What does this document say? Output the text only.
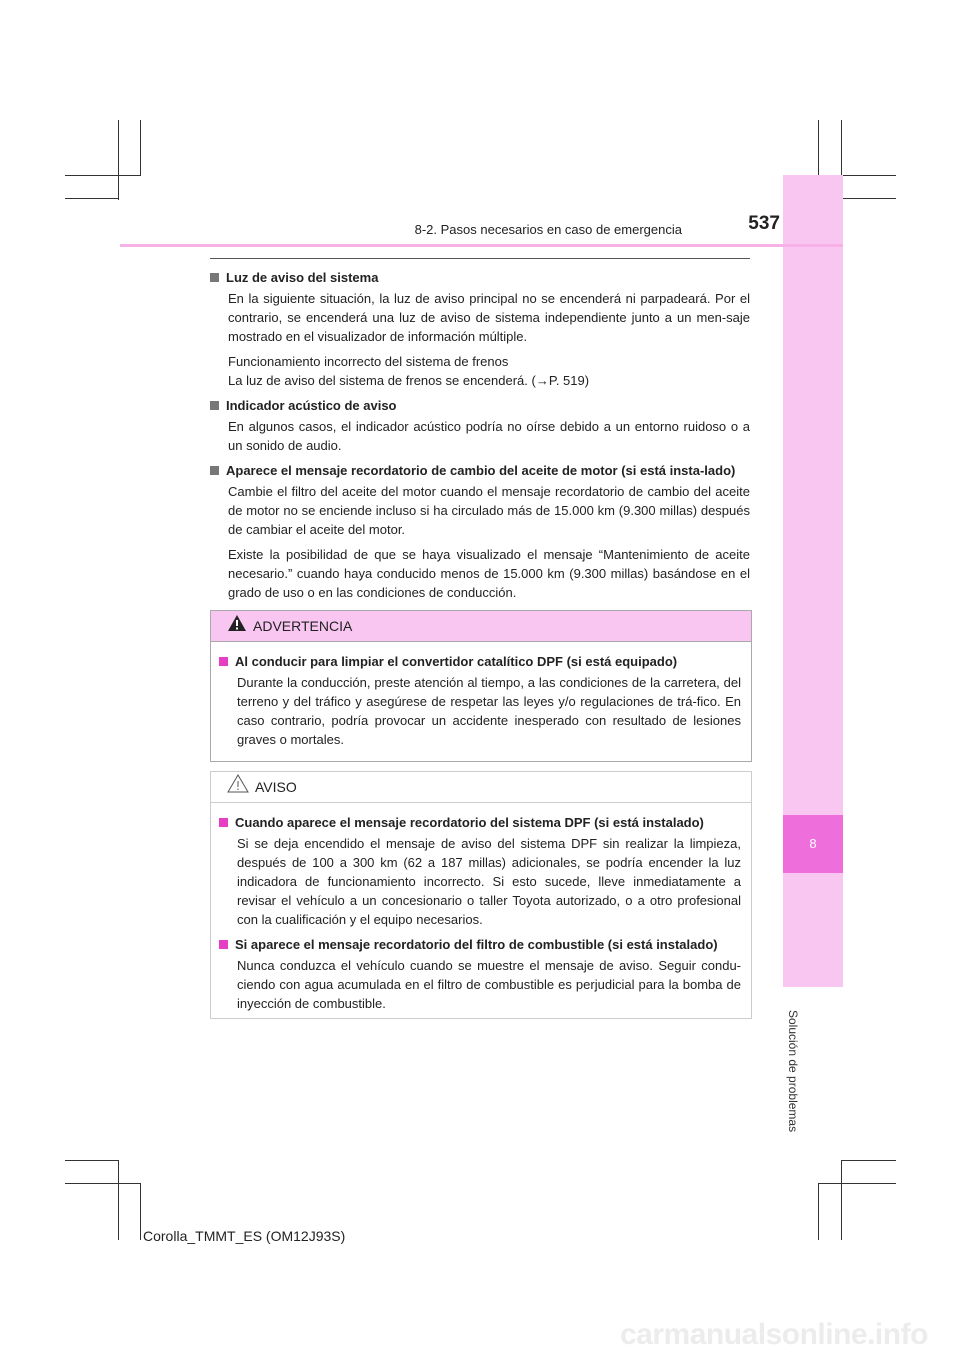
8
Solución de problemas
8-2. Pasos necesarios en caso de emergencia	537

Luz de aviso del sistema

En la siguiente situación, la luz de aviso principal no se encenderá ni parpadeará. Por el contrario, se encenderá una luz de aviso de sistema independiente junto a un men-saje mostrado en el visualizador de información múltiple.

Funcionamiento incorrecto del sistema de frenos

La luz de aviso del sistema de frenos se encenderá. (→P. 519)

Indicador acústico de aviso

En algunos casos, el indicador acústico podría no oírse debido a un entorno ruidoso o a un sonido de audio.

Aparece el mensaje recordatorio de cambio del aceite de motor (si está insta-lado)

Cambie el filtro del aceite del motor cuando el mensaje recordatorio de cambio del aceite de motor no se enciende incluso si ha circulado más de 15.000 km (9.300 millas) después de cambiar el aceite del motor.

Existe la posibilidad de que se haya visualizado el mensaje “Mantenimiento de aceite necesario.” cuando haya conducido menos de 15.000 km (9.300 millas) basándose en el grado de uso o en las condiciones de conducción.

ADVERTENCIA

Al conducir para limpiar el convertidor catalítico DPF (si está equipado)

Durante la conducción, preste atención al tiempo, a las condiciones de la carretera, del terreno y del tráfico y asegúrese de respetar las leyes y/o regulaciones de trá-fico. En caso contrario, podría provocar un accidente inesperado con resultado de lesiones graves o mortales.

AVISO

Cuando aparece el mensaje recordatorio del sistema DPF (si está instalado)

Si se deja encendido el mensaje de aviso del sistema DPF sin realizar la limpieza, después de 100 a 300 km (62 a 187 millas) adicionales, se podría encender la luz indicadora de funcionamiento incorrecto. Si esto sucede, lleve inmediatamente a revisar el vehículo a un concesionario o taller Toyota autorizado, o a otro profesional con la cualificación y el equipo necesarios.

Si aparece el mensaje recordatorio del filtro de combustible (si está instalado)

Nunca conduzca el vehículo cuando se muestre el mensaje de aviso. Seguir condu-ciendo con agua acumulada en el filtro de combustible es perjudicial para la bomba de inyección de combustible.

Corolla_TMMT_ES (OM12J93S)
carmanualsonline.info
